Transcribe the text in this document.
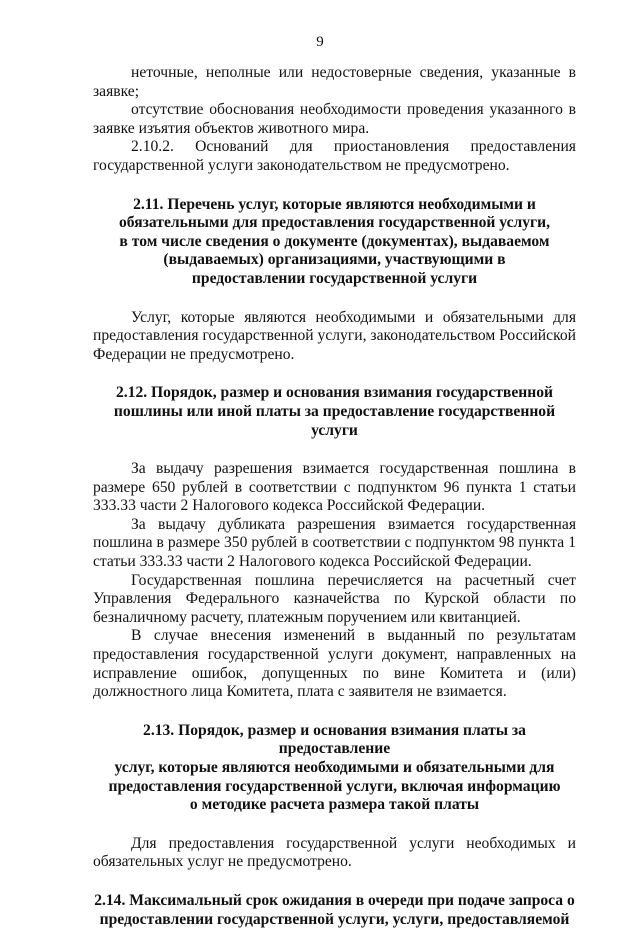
9

неточные, неполные или недостоверные сведения, указанные в заявке;

отсутствие обоснования необходимости проведения указанного в заявке изъятия объектов животного мира.

2.10.2. Оснований для приостановления предоставления государственной услуги законодательством не предусмотрено.

2.11. Перечень услуг, которые являются необходимыми и
обязательными для предоставления государственной услуги,
в том числе сведения о документе (документах), выдаваемом
(выдаваемых) организациями, участвующими в
предоставлении государственной услуги

Услуг, которые являются необходимыми и обязательными для предоставления государственной услуги, законодательством Российской Федерации не предусмотрено.

2.12. Порядок, размер и основания взимания государственной
пошлины или иной платы за предоставление государственной услуги

За выдачу разрешения взимается государственная пошлина в размере 650 рублей в соответствии с подпунктом 96 пункта 1 статьи 333.33 части 2 Налогового кодекса Российской Федерации.

За выдачу дубликата разрешения взимается государственная пошлина в размере 350 рублей в соответствии с подпунктом 98 пункта 1 статьи 333.33 части 2 Налогового кодекса Российской Федерации.

Государственная пошлина перечисляется на расчетный счет Управления Федерального казначейства по Курской области по безналичному расчету, платежным поручением или квитанцией.

В случае внесения изменений в выданный по результатам предоставления государственной услуги документ, направленных на исправление ошибок, допущенных по вине Комитета и (или) должностного лица Комитета, плата с заявителя не взимается.

2.13. Порядок, размер и основания взимания платы за предоставление
услуг, которые являются необходимыми и обязательными для
предоставления государственной услуги, включая информацию
о методике расчета размера такой платы

Для предоставления государственной услуги необходимых и обязательных услуг не предусмотрено.

2.14. Максимальный срок ожидания в очереди при подаче запроса о
предоставлении государственной услуги, услуги, предоставляемой
